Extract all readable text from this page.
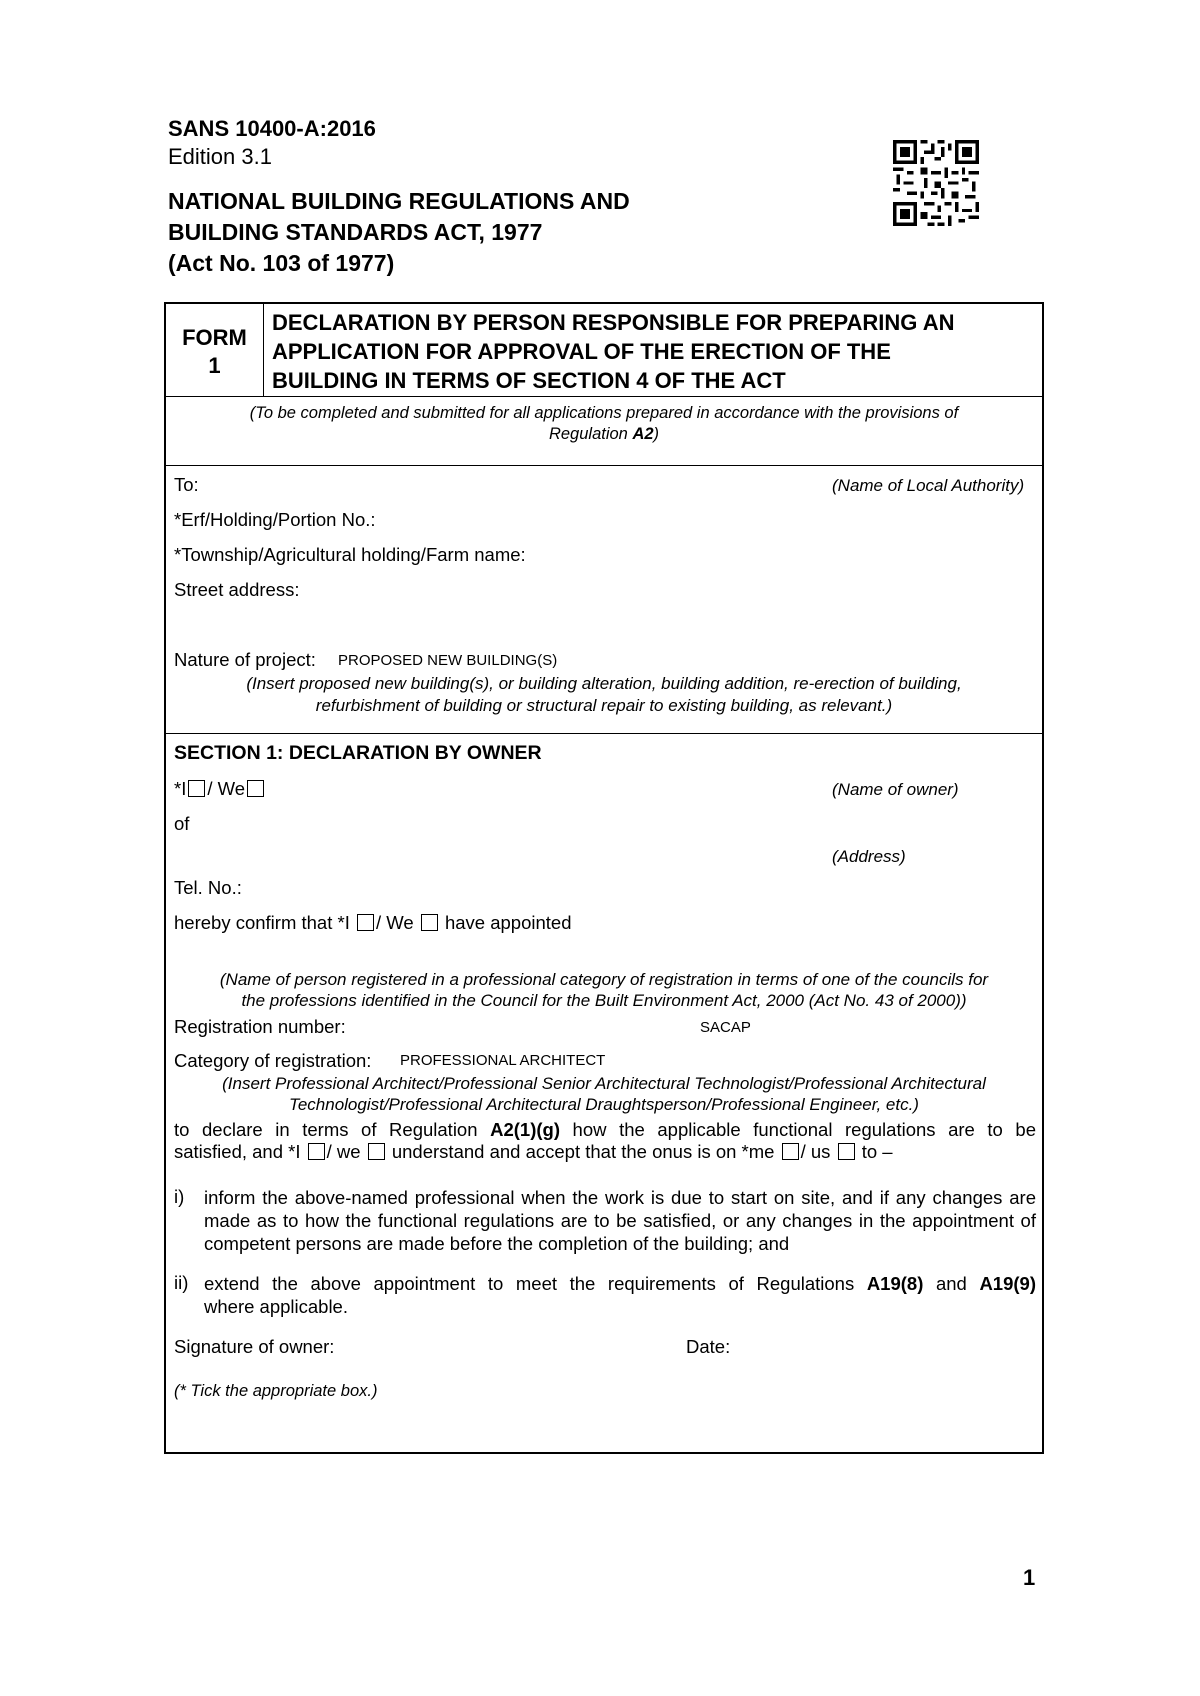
SANS 10400-A:2016
Edition 3.1
NATIONAL BUILDING REGULATIONS AND
BUILDING STANDARDS ACT, 1977
(Act No. 103 of 1977)
FORM
1
DECLARATION BY PERSON RESPONSIBLE FOR PREPARING AN
APPLICATION FOR APPROVAL OF THE ERECTION OF THE
BUILDING IN TERMS OF SECTION 4 OF THE ACT
(To be completed and submitted for all applications prepared in accordance with the provisions of
Regulation A2)
To:	(Name of Local Authority)
*Erf/Holding/Portion No.:
*Township/Agricultural holding/Farm name:
Street address:
Nature of project: PROPOSED NEW BUILDING(S)
(Insert proposed new building(s), or building alteration, building addition, re-erection of building,
refurbishment of building or structural repair to existing building, as relevant.)
SECTION 1: DECLARATION BY OWNER
*I / We	(Name of owner)
of
(Address)
Tel. No.:
hereby confirm that *I / We have appointed
(Name of person registered in a professional category of registration in terms of one of the councils for
the professions identified in the Council for the Built Environment Act, 2000 (Act No. 43 of 2000))
Registration number:	SACAP
Category of registration: PROFESSIONAL ARCHITECT
(Insert Professional Architect/Professional Senior Architectural Technologist/Professional Architectural
Technologist/Professional Architectural Draughtsperson/Professional Engineer, etc.)
to declare in terms of Regulation A2(1)(g) how the applicable functional regulations are to be
satisfied, and *I / we understand and accept that the onus is on *me / us to –
i) inform the above-named professional when the work is due to start on site, and if any changes are made as to how the functional regulations are to be satisfied, or any changes in the appointment of competent persons are made before the completion of the building; and
ii) extend the above appointment to meet the requirements of Regulations A19(8) and A19(9)
where applicable.
Signature of owner:	Date:
(* Tick the appropriate box.)
1
